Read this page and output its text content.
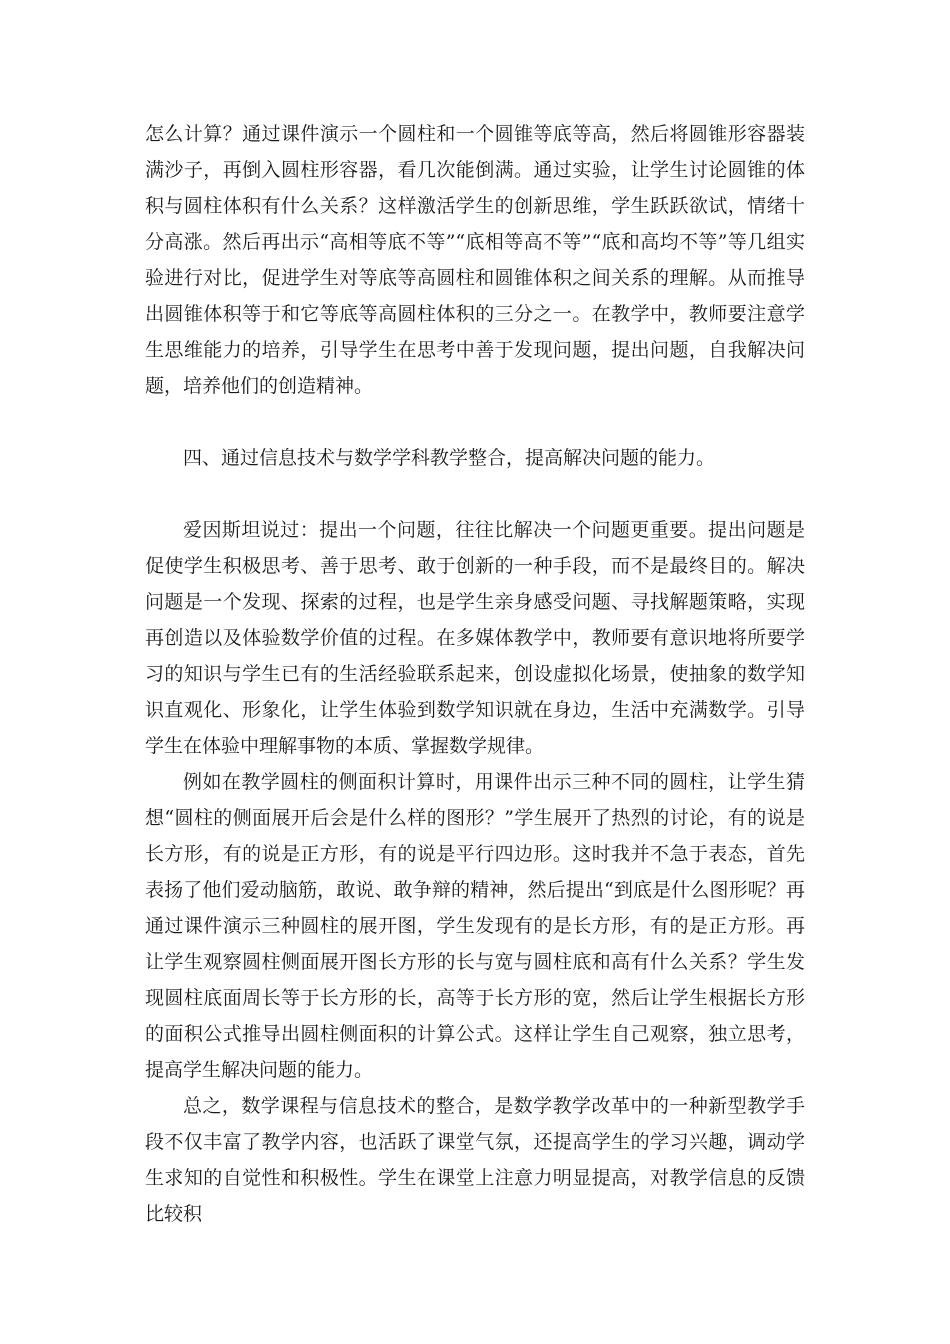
怎么计算？通过课件演示一个圆柱和一个圆锥等底等高，然后将圆锥形容器装满沙子，再倒入圆柱形容器，看几次能倒满。通过实验，让学生讨论圆锥的体积与圆柱体积有什么关系？这样激活学生的创新思维，学生跃跃欲试，情绪十分高涨。然后再出示“高相等底不等”“底相等高不等”“底和高均不等”等几组实验进行对比，促进学生对等底等高圆柱和圆锥体积之间关系的理解。从而推导出圆锥体积等于和它等底等高圆柱体积的三分之一。在教学中，教师要注意学生思维能力的培养，引导学生在思考中善于发现问题，提出问题，自我解决问题，培养他们的创造精神。

四、通过信息技术与数学学科教学整合，提高解决问题的能力。

爱因斯坦说过：提出一个问题，往往比解决一个问题更重要。提出问题是促使学生积极思考、善于思考、敢于创新的一种手段，而不是最终目的。解决问题是一个发现、探索的过程，也是学生亲身感受问题、寻找解题策略，实现再创造以及体验数学价值的过程。在多媒体教学中，教师要有意识地将所要学习的知识与学生已有的生活经验联系起来，创设虚拟化场景，使抽象的数学知识直观化、形象化，让学生体验到数学知识就在身边，生活中充满数学。引导学生在体验中理解事物的本质、掌握数学规律。

例如在教学圆柱的侧面积计算时，用课件出示三种不同的圆柱，让学生猜想“圆柱的侧面展开后会是什么样的图形？”学生展开了热烈的讨论，有的说是长方形，有的说是正方形，有的说是平行四边形。这时我并不急于表态，首先表扬了他们爱动脑筋，敢说、敢争辩的精神，然后提出“到底是什么图形呢？再通过课件演示三种圆柱的展开图，学生发现有的是长方形，有的是正方形。再让学生观察圆柱侧面展开图长方形的长与宽与圆柱底和高有什么关系？学生发现圆柱底面周长等于长方形的长，高等于长方形的宽，然后让学生根据长方形的面积公式推导出圆柱侧面积的计算公式。这样让学生自己观察，独立思考，提高学生解决问题的能力。

总之，数学课程与信息技术的整合，是数学教学改革中的一种新型教学手段不仅丰富了教学内容，也活跃了课堂气氛，还提高学生的学习兴趣，调动学生求知的自觉性和积极性。学生在课堂上注意力明显提高，对教学信息的反馈比较积
